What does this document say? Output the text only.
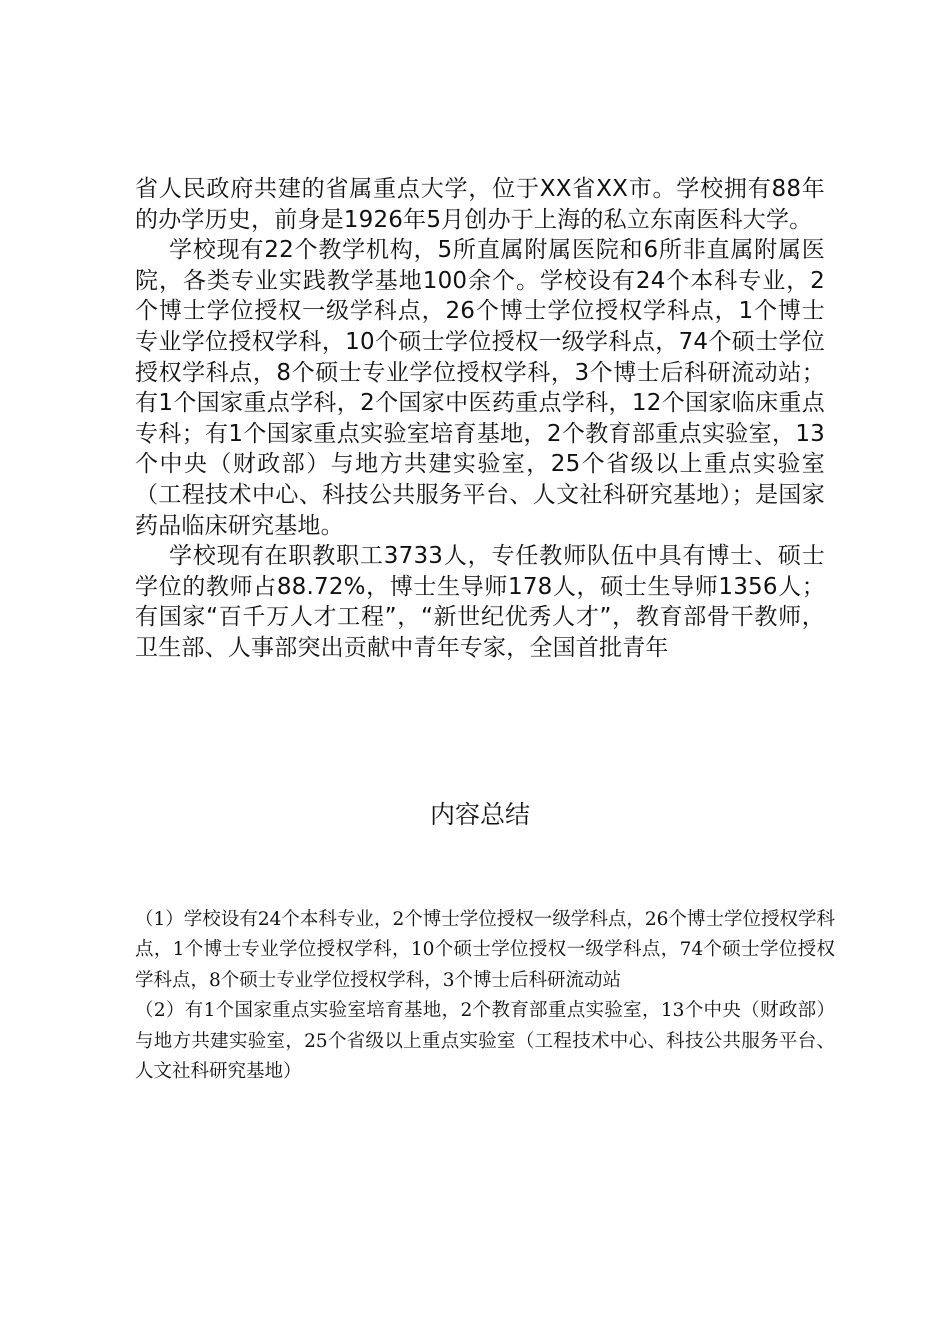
省人民政府共建的省属重点大学，位于XX省XX市。学校拥有88年的办学历史，前身是1926年5月创办于上海的私立东南医科大学。

学校现有22个教学机构，5所直属附属医院和6所非直属附属医院，各类专业实践教学基地100余个。学校设有24个本科专业，2个博士学位授权一级学科点，26个博士学位授权学科点，1个博士专业学位授权学科，10个硕士学位授权一级学科点，74个硕士学位授权学科点，8个硕士专业学位授权学科，3个博士后科研流动站；有1个国家重点学科，2个国家中医药重点学科，12个国家临床重点专科；有1个国家重点实验室培育基地，2个教育部重点实验室，13个中央（财政部）与地方共建实验室，25个省级以上重点实验室（工程技术中心、科技公共服务平台、人文社科研究基地）；是国家药品临床研究基地。

学校现有在职教职工3733人，专任教师队伍中具有博士、硕士学位的教师占88.72%，博士生导师178人，硕士生导师1356人；有国家“百千万人才工程”，“新世纪优秀人才”，教育部骨干教师，卫生部、人事部突出贡献中青年专家，全国首批青年

内容总结

（1）学校设有24个本科专业，2个博士学位授权一级学科点，26个博士学位授权学科点，1个博士专业学位授权学科，10个硕士学位授权一级学科点，74个硕士学位授权学科点，8个硕士专业学位授权学科，3个博士后科研流动站

（2）有1个国家重点实验室培育基地，2个教育部重点实验室，13个中央（财政部）与地方共建实验室，25个省级以上重点实验室（工程技术中心、科技公共服务平台、人文社科研究基地）
